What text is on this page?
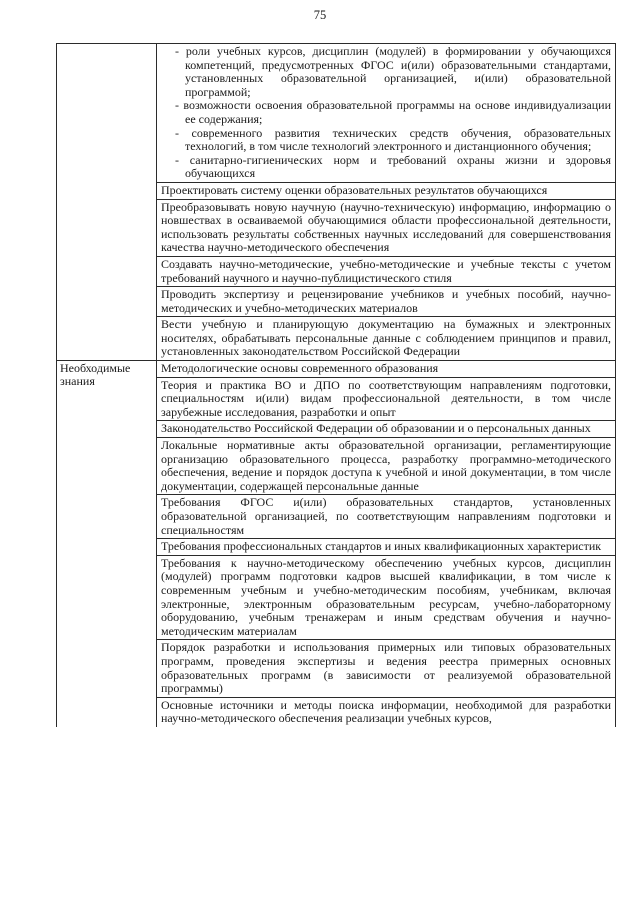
75
- роли учебных курсов, дисциплин (модулей) в формировании у обучающихся компетенций, предусмотренных ФГОС и(или) образовательными стандартами, установленных образовательной организацией, и(или) образовательной программой;
- возможности освоения образовательной программы на основе индивидуализации ее содержания;
- современного развития технических средств обучения, образовательных технологий, в том числе технологий электронного и дистанционного обучения;
- санитарно-гигиенических норм и требований охраны жизни и здоровья обучающихся
Проектировать систему оценки образовательных результатов обучающихся
Преобразовывать новую научную (научно-техническую) информацию, информацию о новшествах в осваиваемой обучающимися области профессиональной деятельности, использовать результаты собственных научных исследований для совершенствования качества научно-методического обеспечения
Создавать научно-методические, учебно-методические и учебные тексты с учетом требований научного и научно-публицистического стиля
Проводить экспертизу и рецензирование учебников и учебных пособий, научно-методических и учебно-методических материалов
Вести учебную и планирующую документацию на бумажных и электронных носителях, обрабатывать персональные данные с соблюдением принципов и правил, установленных законодательством Российской Федерации
Необходимые знания
Методологические основы современного образования
Теория и практика ВО и ДПО по соответствующим направлениям подготовки, специальностям и(или) видам профессиональной деятельности, в том числе зарубежные исследования, разработки и опыт
Законодательство Российской Федерации об образовании и о персональных данных
Локальные нормативные акты образовательной организации, регламентирующие организацию образовательного процесса, разработку программно-методического обеспечения, ведение и порядок доступа к учебной и иной документации, в том числе документации, содержащей персональные данные
Требования ФГОС и(или) образовательных стандартов, установленных образовательной организацией, по соответствующим направлениям подготовки и специальностям
Требования профессиональных стандартов и иных квалификационных характеристик
Требования к научно-методическому обеспечению учебных курсов, дисциплин (модулей) программ подготовки кадров высшей квалификации, в том числе к современным учебным и учебно-методическим пособиям, учебникам, включая электронные, электронным образовательным ресурсам, учебно-лабораторному оборудованию, учебным тренажерам и иным средствам обучения и научно-методическим материалам
Порядок разработки и использования примерных или типовых образовательных программ, проведения экспертизы и ведения реестра примерных основных образовательных программ (в зависимости от реализуемой образовательной программы)
Основные источники и методы поиска информации, необходимой для разработки научно-методического обеспечения реализации учебных курсов,
